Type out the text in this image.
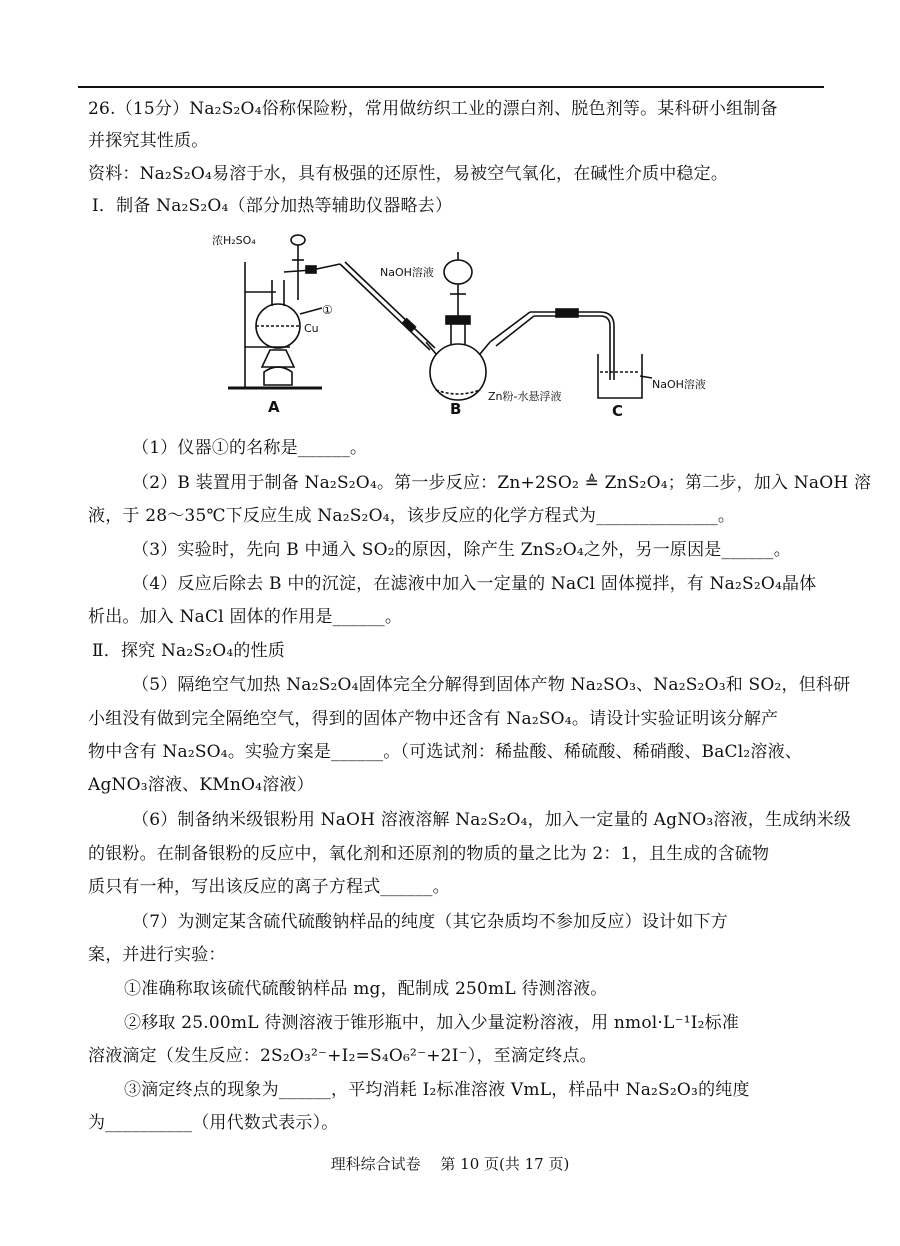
26.（15分）Na₂S₂O₄俗称保险粉，常用做纺织工业的漂白剂、脱色剂等。某科研小组制备
并探究其性质。
资料：Na₂S₂O₄易溶于水，具有极强的还原性，易被空气氧化，在碱性介质中稳定。
Ⅰ．制备 Na₂S₂O₄（部分加热等辅助仪器略去）
浓H₂SO₄
NaOH溶液
①
Cu
Zn粉-水悬浮液
NaOH溶液
A	B	C
（1）仪器①的名称是______。
（2）B 装置用于制备 Na₂S₂O₄。第一步反应：Zn+2SO₂ ≜ ZnS₂O₄；第二步，加入 NaOH 溶
液，于 28～35℃下反应生成 Na₂S₂O₄，该步反应的化学方程式为______________。
（3）实验时，先向 B 中通入 SO₂的原因，除产生 ZnS₂O₄之外，另一原因是______。
（4）反应后除去 B 中的沉淀，在滤液中加入一定量的 NaCl 固体搅拌，有 Na₂S₂O₄晶体
析出。加入 NaCl 固体的作用是______。
Ⅱ．探究 Na₂S₂O₄的性质
（5）隔绝空气加热 Na₂S₂O₄固体完全分解得到固体产物 Na₂SO₃、Na₂S₂O₃和 SO₂，但科研
小组没有做到完全隔绝空气，得到的固体产物中还含有 Na₂SO₄。请设计实验证明该分解产
物中含有 Na₂SO₄。实验方案是______。（可选试剂：稀盐酸、稀硫酸、稀硝酸、BaCl₂溶液、
AgNO₃溶液、KMnO₄溶液）
（6）制备纳米级银粉用 NaOH 溶液溶解 Na₂S₂O₄，加入一定量的 AgNO₃溶液，生成纳米级
的银粉。在制备银粉的反应中，氧化剂和还原剂的物质的量之比为 2：1，且生成的含硫物
质只有一种，写出该反应的离子方程式______。
（7）为测定某含硫代硫酸钠样品的纯度（其它杂质均不参加反应）设计如下方
案，并进行实验：
①准确称取该硫代硫酸钠样品 mg，配制成 250mL 待测溶液。
②移取 25.00mL 待测溶液于锥形瓶中，加入少量淀粉溶液，用 nmol·L⁻¹I₂标准
溶液滴定（发生反应：2S₂O₃²⁻+I₂=S₄O₆²⁻+2I⁻），至滴定终点。
③滴定终点的现象为______，平均消耗 I₂标准溶液 VmL，样品中 Na₂S₂O₃的纯度
为__________（用代数式表示）。
理科综合试卷　 第 10 页(共 17 页)
